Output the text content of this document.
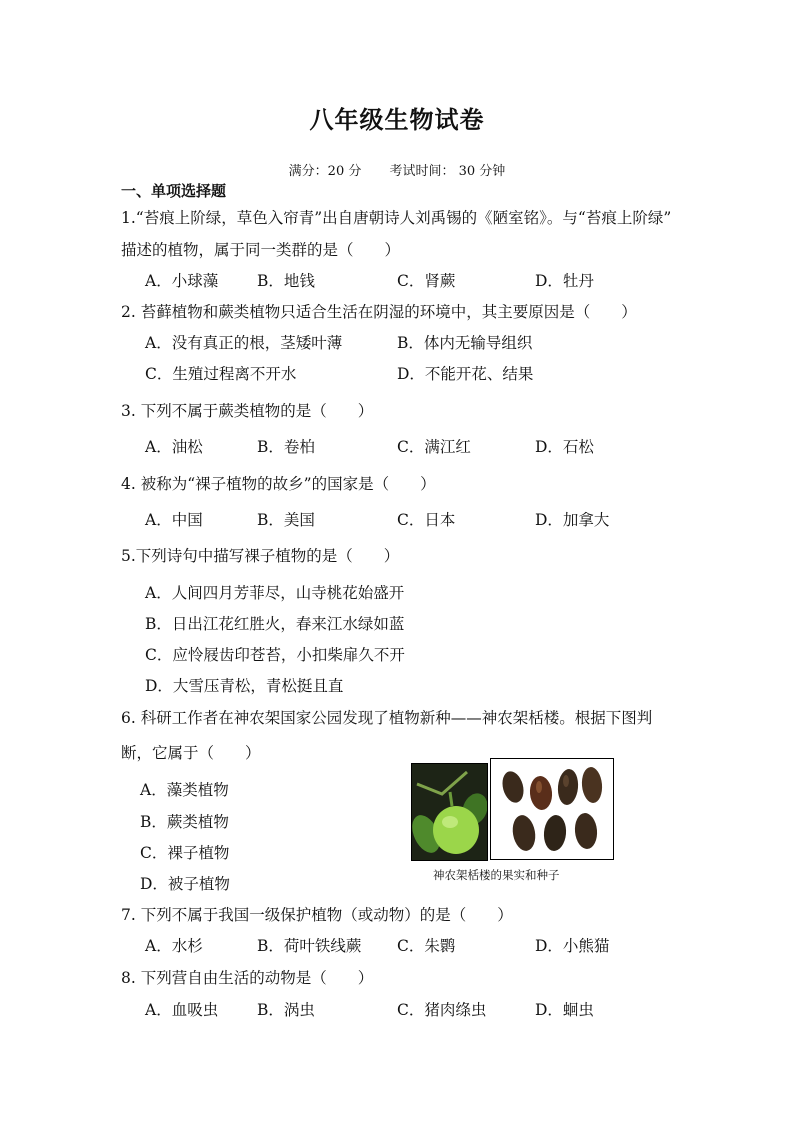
八年级生物试卷
满分：20 分 考试时间： 30 分钟
一、单项选择题
1.“苔痕上阶绿，草色入帘青”出自唐朝诗人刘禹锡的《陋室铭》。与“苔痕上阶绿”
描述的植物，属于同一类群的是（　　）
A．小球藻	B．地钱	C．肾蕨	D．牡丹
2. 苔藓植物和蕨类植物只适合生活在阴湿的环境中，其主要原因是（　　）
A．没有真正的根，茎矮叶薄	B．体内无输导组织
C．生殖过程离不开水	D．不能开花、结果
3. 下列不属于蕨类植物的是（　　）
A．油松	B．卷柏	C．满江红	D．石松
4. 被称为“裸子植物的故乡”的国家是（　　）
A．中国	B．美国	C．日本	D．加拿大
5.下列诗句中描写裸子植物的是（　　）
A．人间四月芳菲尽，山寺桃花始盛开
B．日出江花红胜火，春来江水绿如蓝
C．应怜屐齿印苍苔，小扣柴扉久不开
D．大雪压青松，青松挺且直
6. 科研工作者在神农架国家公园发现了植物新种——神农架栝楼。根据下图判
断，它属于（　　）
A．藻类植物
B．蕨类植物
C．裸子植物
D．被子植物	神农架栝楼的果实和种子
7. 下列不属于我国一级保护植物（或动物）的是（　　）
A．水杉	B．荷叶铁线蕨 C．朱鹮	D．小熊猫
8. 下列营自由生活的动物是（　　）
A．血吸虫	B．涡虫	C．猪肉绦虫	D．蛔虫
